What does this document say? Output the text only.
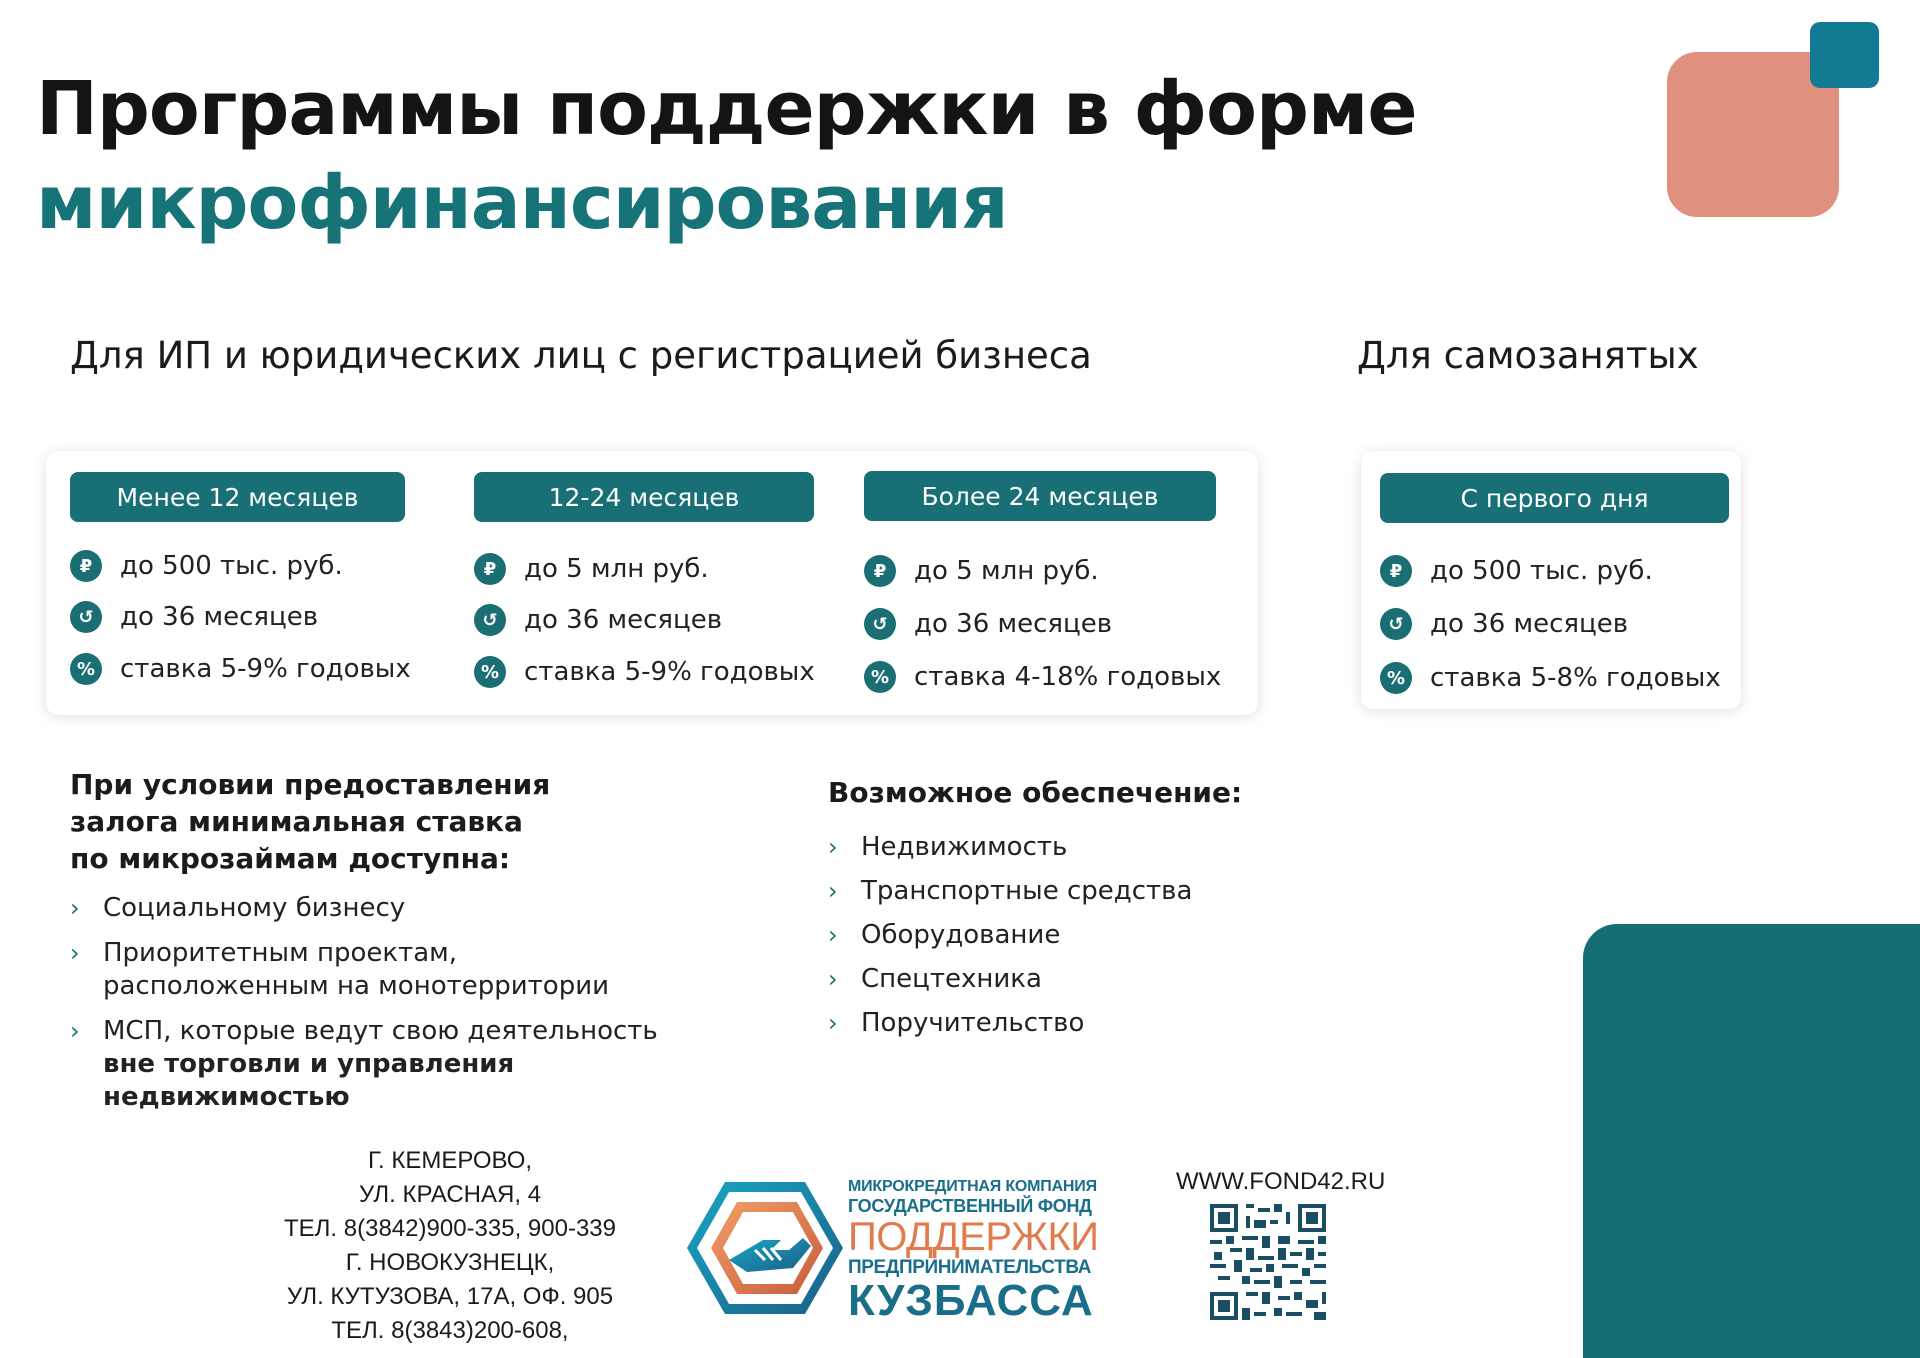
Программы поддержки в форме
микрофинансирования
Для ИП и юридических лиц с регистрацией бизнеса	Для самозанятых
Менее 12 месяцев
₽	до 500 тыс. руб.
↺	до 36 месяцев
% ставка 5-9% годовых
12-24 месяцев
₽	до 5 млн руб.
↺	до 36 месяцев
% ставка 5-9% годовых
Более 24 месяцев
₽	до 5 млн руб.
↺	до 36 месяцев
% ставка 4-18% годовых
С первого дня
₽	до 500 тыс. руб.
↺	до 36 месяцев
% ставка 5-8% годовых
При условии предоставления
залога минимальная ставка
по микрозаймам доступна:
› Социальному бизнесу
› Приоритетным проектам,
расположенным на монотерритории
› МСП, которые ведут свою деятельность
вне торговли и управления
недвижимостью
Возможное обеспечение:
› Недвижимость
› Транспортные средства
› Оборудование
› Спецтехника
› Поручительство
Г. КЕМЕРОВО,
УЛ. КРАСНАЯ, 4
ТЕЛ. 8(3842)900-335, 900-339
Г. НОВОКУЗНЕЦК,
УЛ. КУТУЗОВА, 17А, ОФ. 905
ТЕЛ. 8(3843)200-608,
МИКРОКРЕДИТНАЯ КОМПАНИЯ
ГОСУДАРСТВЕННЫЙ ФОНД
ПОДДЕРЖКИ
ПРЕДПРИНИМАТЕЛЬСТВА
КУЗБАССА
WWW.FOND42.RU
